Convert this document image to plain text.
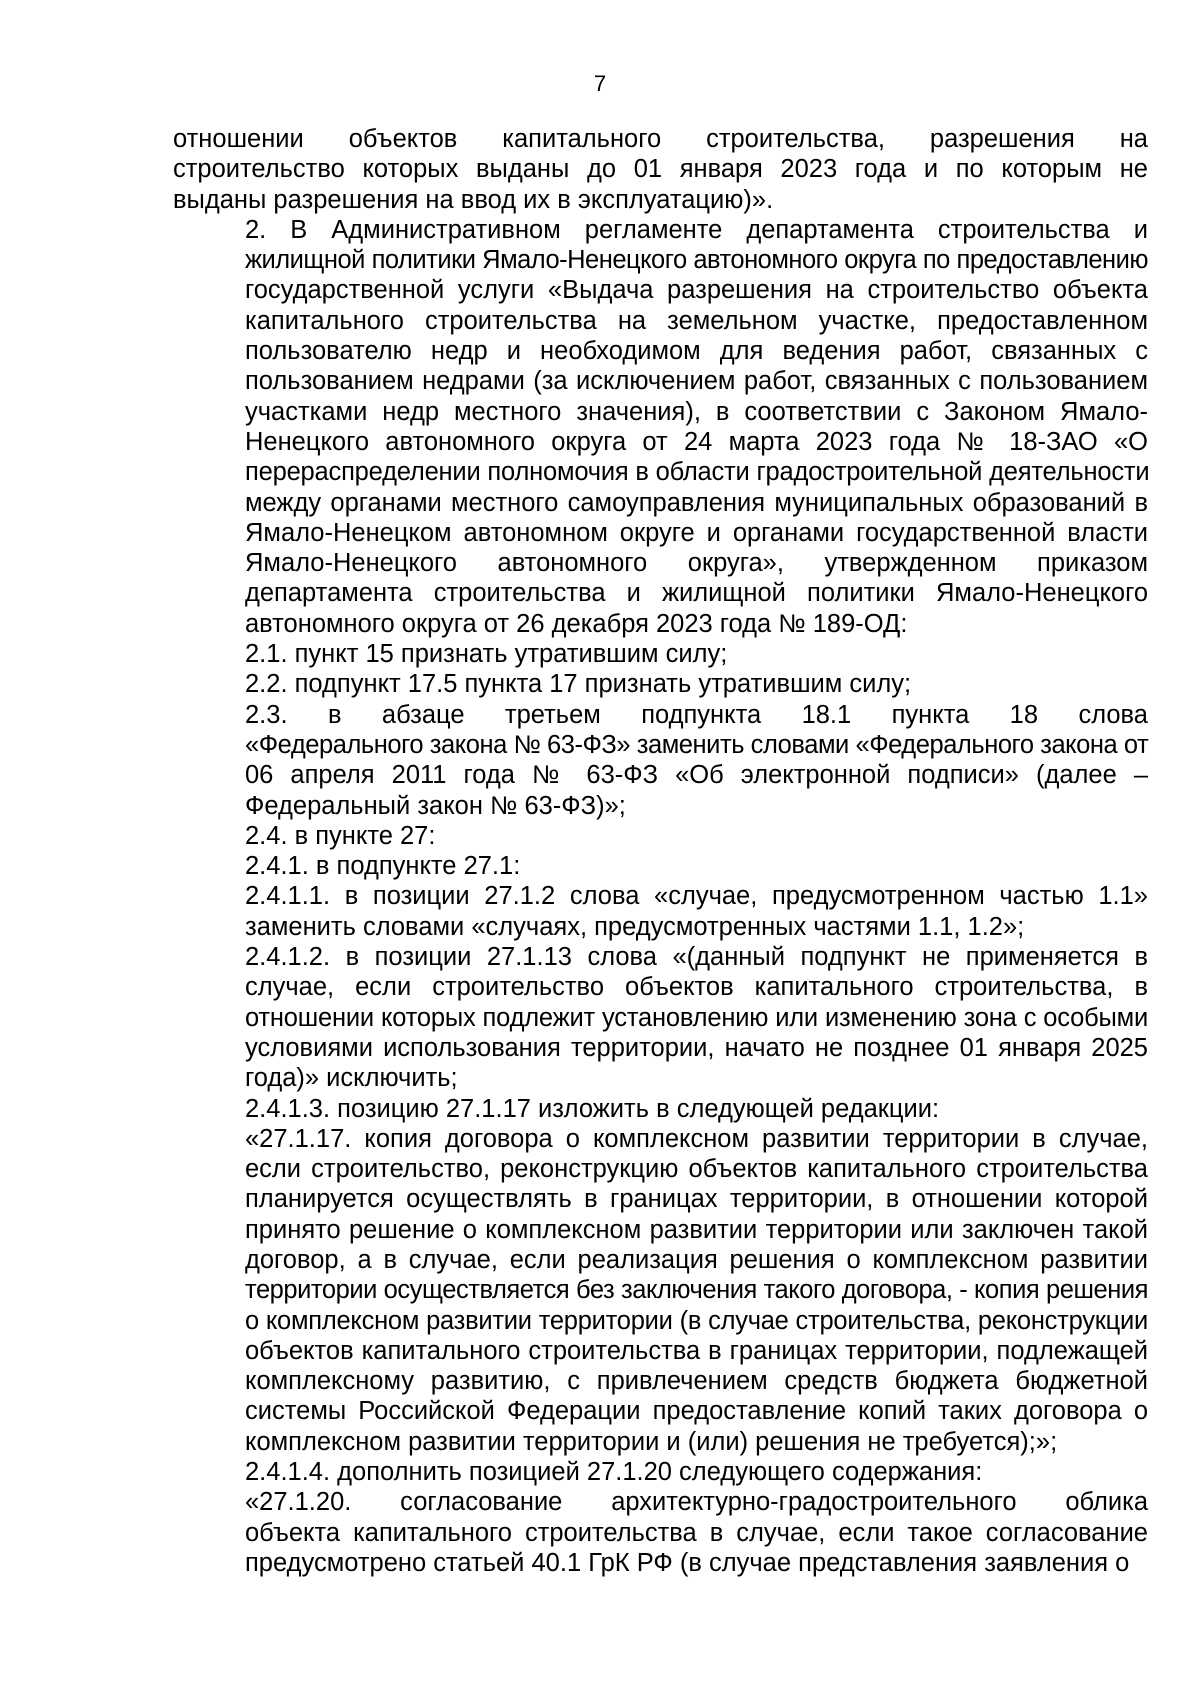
7

отношении объектов капитального строительства, разрешения на
строительство которых выданы до 01 января 2023 года и по которым не
выданы разрешения на ввод их в эксплуатацию)».

2. В Административном регламенте департамента строительства и
жилищной политики Ямало-Ненецкого автономного округа по предоставлению
государственной услуги «Выдача разрешения на строительство объекта
капитального строительства на земельном участке, предоставленном
пользователю недр и необходимом для ведения работ, связанных с
пользованием недрами (за исключением работ, связанных с пользованием
участками недр местного значения), в соответствии с Законом Ямало-
Ненецкого автономного округа от 24 марта 2023 года № 18-ЗАО «О
перераспределении полномочия в области градостроительной деятельности
между органами местного самоуправления муниципальных образований в
Ямало-Ненецком автономном округе и органами государственной власти
Ямало-Ненецкого автономного округа», утвержденном приказом
департамента строительства и жилищной политики Ямало-Ненецкого
автономного округа от 26 декабря 2023 года № 189-ОД:

2.1. пункт 15 признать утратившим силу;

2.2. подпункт 17.5 пункта 17 признать утратившим силу;

2.3. в абзаце третьем подпункта 18.1 пункта 18 слова
«Федерального закона № 63-ФЗ» заменить словами «Федерального закона от
06 апреля 2011 года № 63-ФЗ «Об электронной подписи» (далее –
Федеральный закон № 63-ФЗ)»;

2.4. в пункте 27:

2.4.1. в подпункте 27.1:

2.4.1.1. в позиции 27.1.2 слова «случае, предусмотренном частью 1.1»
заменить словами «случаях, предусмотренных частями 1.1, 1.2»;

2.4.1.2. в позиции 27.1.13 слова «(данный подпункт не применяется в
случае, если строительство объектов капитального строительства, в
отношении которых подлежит установлению или изменению зона с особыми
условиями использования территории, начато не позднее 01 января 2025
года)» исключить;

2.4.1.3. позицию 27.1.17 изложить в следующей редакции:

«27.1.17. копия договора о комплексном развитии территории в случае,
если строительство, реконструкцию объектов капитального строительства
планируется осуществлять в границах территории, в отношении которой
принято решение о комплексном развитии территории или заключен такой
договор, а в случае, если реализация решения о комплексном развитии
территории осуществляется без заключения такого договора, - копия решения
о комплексном развитии территории (в случае строительства, реконструкции
объектов капитального строительства в границах территории, подлежащей
комплексному развитию, с привлечением средств бюджета бюджетной
системы Российской Федерации предоставление копий таких договора о
комплексном развитии территории и (или) решения не требуется);»;

2.4.1.4. дополнить позицией 27.1.20 следующего содержания:

«27.1.20. согласование архитектурно-градостроительного облика
объекта капитального строительства в случае, если такое согласование
предусмотрено статьей 40.1 ГрК РФ (в случае представления заявления о
